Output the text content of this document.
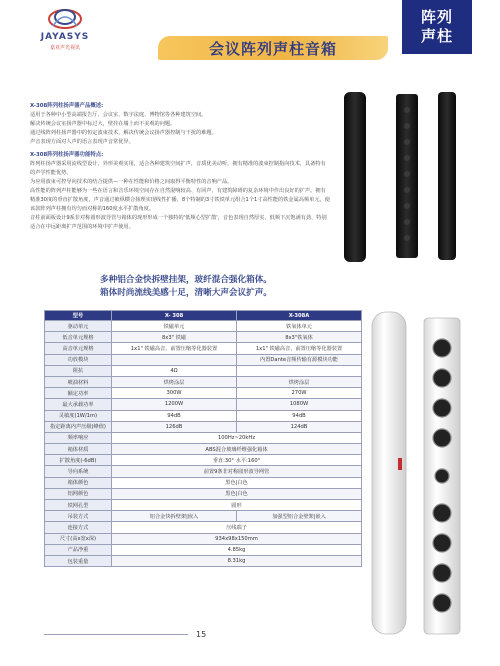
JAYASYS
嘉亚声光视讯	会议阵列声柱音箱
阵列
声柱

X-308阵列柱扬声器产品概述:

适用于各种中小型高端报告厅、会议室、数字法庭、博物馆等各种建筑空间。

解决传统会议室扬声器中标过大，壁挂在墙上而不美观的问题。

通过线阵列柱扬声器中的恒定波束技术，解决传统会议扬声器控制与干扰的难题。

声音表现方面对人声的语言表现声音常优异。

X-308阵列柱扬声器功能特点:

阵列柱扬声器采用流线型设计，外形美观实用，适合各种建筑空间扩声，音质优美动听，拥有精准的波束控制指向技术，具备特有的声学性能优势。

为应用波束可控导向技术的结合提供—一种在性能和价格之间取得平衡特性的音响产品。

高性能的阵列声柱能够为一些在语言和音乐环境空间存在自然混响较高、有回声、有建筑障碍的复杂环境中作出良好的扩声。拥有精准30度的垂直扩散角度，声音通过被纵横合扬理实现线性扩播，8个特制的3寸铁铁单元组合1个1寸高性能的铁金属高频单元，使该款阵列声柱拥有均匀而对称的160度水平扩散角度。

音柱前面板设计9系非对称圆形波导管与箱体的现形形成一个独特的'低频心型扩散'，音色表现自然厚实，低频下沉饱满有劲，特别适合在中远距离扩声范围的环境中扩声使用。

多种铝合金快拆壁挂架，玻纤混合强化箱体。
箱体时尚流线美感十足，清晰大声会议扩声。
型号	X- 308	X-308A
驱动单元	铁磁单元	铁氧体单元
低音单元规格	8x3" 铁磁	8x3"铁氧体
高音单元规格	1x1" 铁磁高音、前置压缩等化器装置	1x1" 铁磁高音、前置压缩等化器装置
功放模块		内置Dante音频传输有源模块功能
阻抗	4Ω	
喷油材料	烘烤涂层	烘烤涂层
额定功率	300W	270W
最大承载功率	1200W	1080W
灵敏度(1W/1m)	94dB	94dB
指定距离内声压级(峰值)	126dB	124dB
频率响应	100Hz~20kHz	
箱体材质	ABS混合玻璃纤维强化箱体	
扩散角度(-6dB)	垂直:30° 水平:160°	
导向系统	前置9条非对称圆形波导网管	
箱体颜色	黑色|白色	
铝网颜色	黑色|白色	
铁网孔型	圆形	
吊装方式	铝合金快拆壁架|嵌入	加强型铝合金壁架|嵌入
连接方式	压线端子	
尺寸(高x宽x深)	934x98x150mm	
产品净重	4.85kg	
包装重量	8.31kg	
15
